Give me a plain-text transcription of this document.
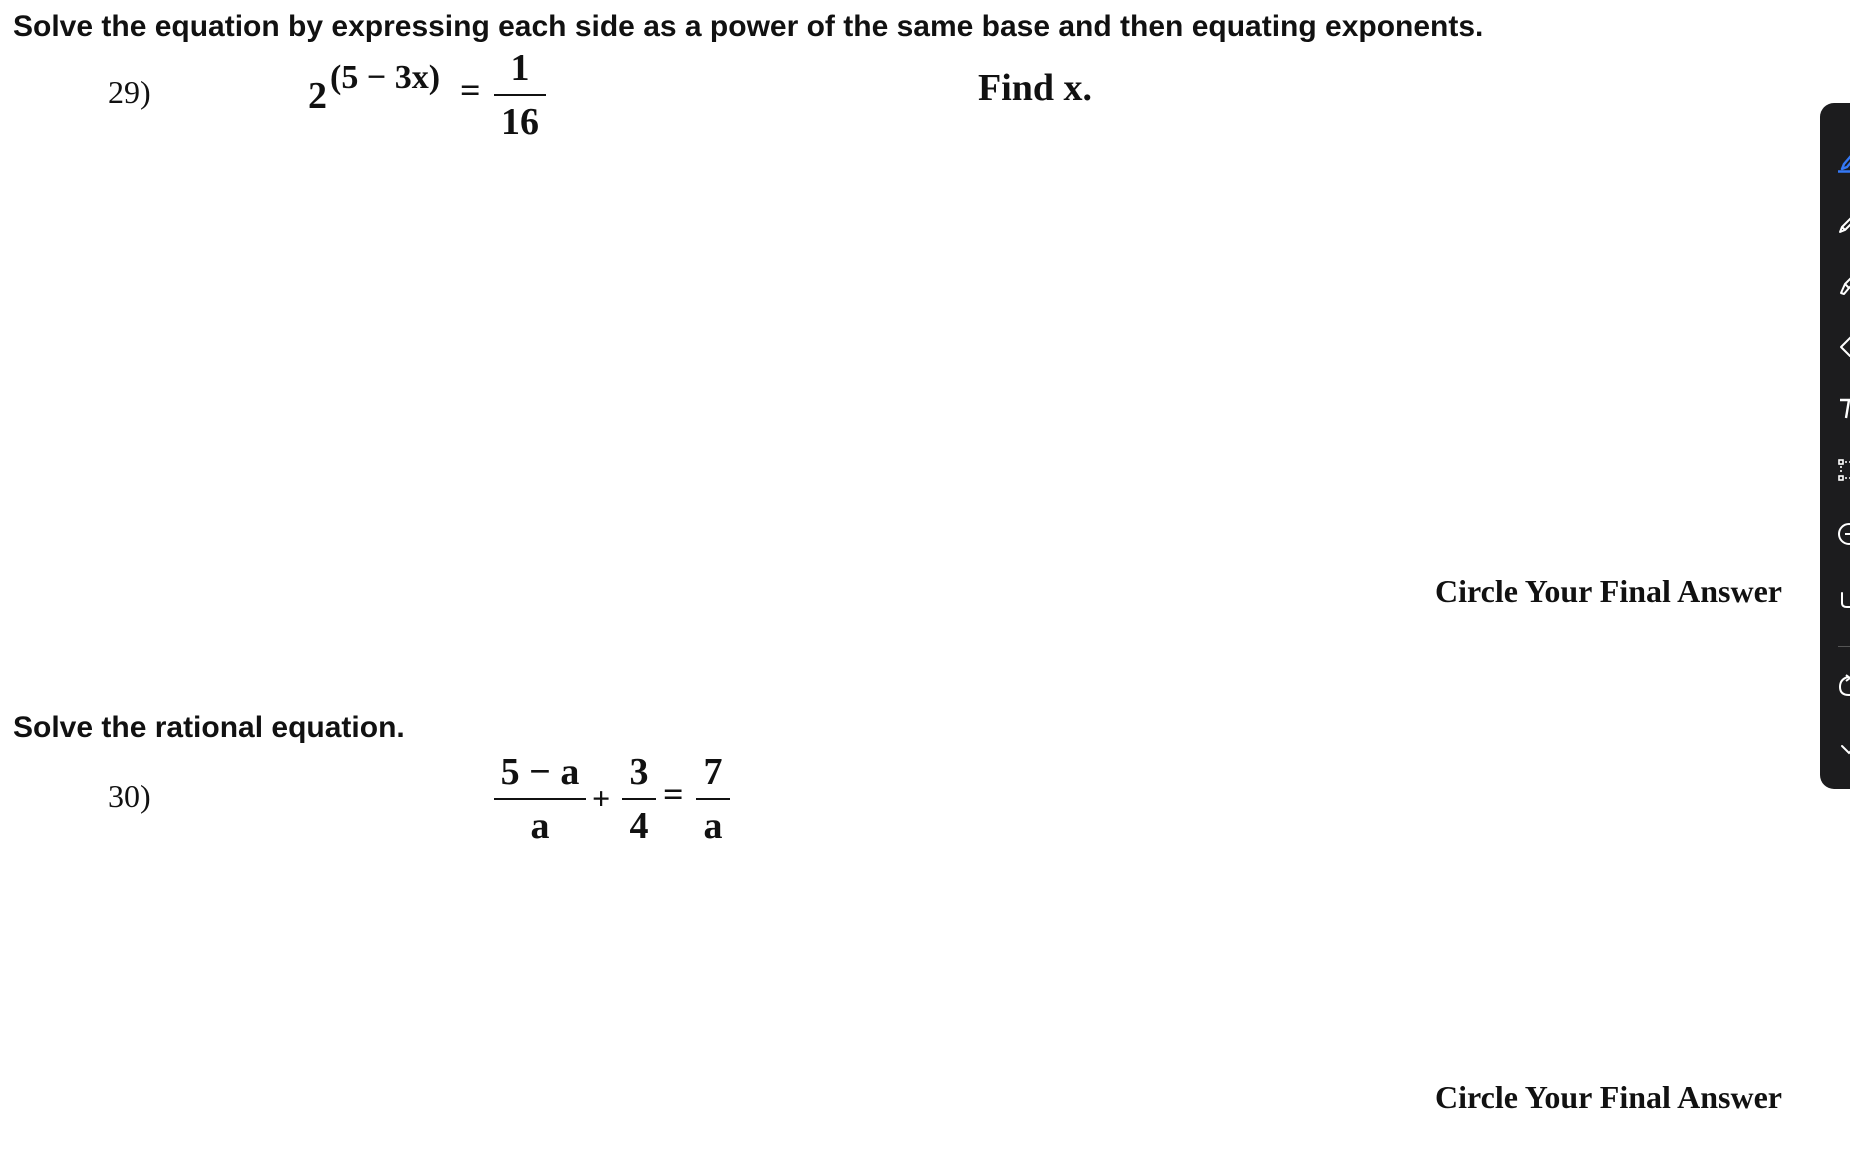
Solve the equation by expressing each side as a power of the same base and then equating exponents.
29)	2 $(5 - 3x) = \frac{1}{16}$	Find x.
Circle Your Final Answer
Solve the rational equation.
30)	$\frac{5 - a}{a} + \frac{3}{4} = \frac{7}{a}$
Circle Your Final Answer
